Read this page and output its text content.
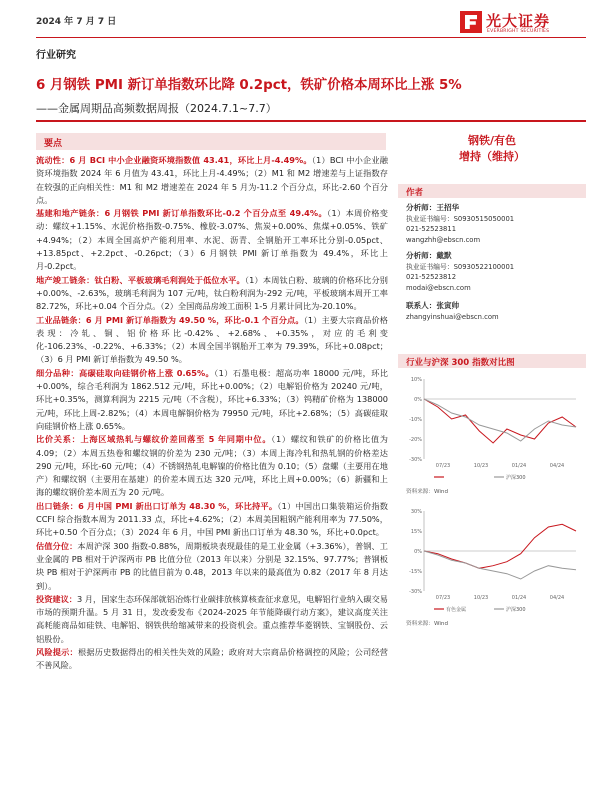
2024 年 7 月 7 日	光大证券
EVERBRIGHT SECURITIES
行业研究
6 月钢铁 PMI 新订单指数环比降 0.2pct，铁矿价格本周环比上涨 5%
——金属周期品高频数据周报（2024.7.1~7.7）
要点

流动性：6 月 BCI 中小企业融资环境指数值 43.41，环比上月-4.49%。（1）BCI 中小企业融资环境指数 2024 年 6 月值为 43.41，环比上月-4.49%；（2）M1 和 M2 增速差与上证指数存在较强的正向相关性：M1 和 M2 增速差在 2024 年 5 月为-11.2 个百分点，环比-2.60 个百分点。

基建和地产链条：6 月钢铁 PMI 新订单指数环比-0.2 个百分点至 49.4%。（1）本周价格变动：螺纹+1.15%、水泥价格指数-0.75%、橡胶-3.07%、焦炭+0.00%、焦煤+0.05%、铁矿+4.94%；（2）本周全国高炉产能利用率、水泥、沥青、全钢胎开工率环比分别-0.05pct、+13.85pct、+2.2pct、-0.26pct；（3）6 月钢铁 PMI 新订单指数为 49.4%，环比上月-0.2pct。

地产竣工链条：钛白粉、平板玻璃毛利润处于低位水平。（1）本周钛白粉、玻璃的价格环比分别+0.00%、-2.63%，玻璃毛利润为 107 元/吨，钛白粉利润为-292 元/吨，平板玻璃本周开工率 82.72%，环比+0.04 个百分点。（2）全国商品房竣工面积 1-5 月累计同比为-20.10%。

工业品链条：6 月 PMI 新订单指数为 49.50 %，环比-0.1 个百分点。（1）主要大宗商品价格表现：冷轧、铜、铝价格环比-0.42%、+2.68%、+0.35%，对应的毛利变化-106.23%、-0.22%、+6.33%；（2）本周全国半钢胎开工率为 79.39%，环比+0.08pct；（3）6 月 PMI 新订单指数为 49.50 %。

细分品种：高碳硅取向硅钢价格上涨 0.65%。（1）石墨电极：超高功率 18000 元/吨，环比+0.00%，综合毛利润为 1862.512 元/吨，环比+0.00%；（2）电解铝价格为 20240 元/吨，环比+0.35%，测算利润为 2215 元/吨（不含税），环比+6.33%；（3）钨精矿价格为 138000 元/吨，环比上周-2.82%；（4）本周电解铜价格为 79950 元/吨，环比+2.68%；（5）高碳硅取向硅钢价格上涨 0.65%。

比价关系：上海区域热轧与螺纹价差回落至 5 年同期中位。（1）螺纹和铁矿的价格比值为 4.09；（2）本周五热卷和螺纹钢的价差为 230 元/吨；（3）本周上海冷轧和热轧钢的价格差达 290 元/吨，环比-60 元/吨；（4）不锈钢热轧电解镍的价格比值为 0.10；（5）盘螺（主要用在地产）和螺纹钢（主要用在基建）的价差本周五达 320 元/吨，环比上周+0.00%；（6）新疆和上海的螺纹钢价差本周五为 20 元/吨。

出口链条：6 月中国 PMI 新出口订单为 48.30 %，环比持平。（1）中国出口集装箱运价指数 CCFI 综合指数本周为 2011.33 点，环比+4.62%；（2）本周美国粗钢产能利用率为 77.50%，环比+0.50 个百分点；（3）2024 年 6 月，中国 PMI 新出口订单为 48.30 %，环比+0.0pct。

估值分位：本周沪深 300 指数-0.88%，周期板块表现最佳的是工业金属（+3.36%），普钢、工业金属的 PB 相对于沪深两市 PB 比值分位（2013 年以来）分别是 32.15%、97.77%；普钢板块 PB 相对于沪深两市 PB 的比值目前为 0.48，2013 年以来的最高值为 0.82（2017 年 8 月达到）。

投资建议：3 月，国家生态环保部就铝冶炼行业碳排放核算核查征求意见，电解铝行业纳入碳交易市场的预期升温。5 月 31 日，发改委发布《2024-2025 年节能降碳行动方案》，建议高度关注高耗能商品如硅铁、电解铝、钢铁供给缩减带来的投资机会。重点推荐华菱钢铁、宝钢股份、云铝股份。

风险提示：根据历史数据得出的相关性失效的风险；政府对大宗商品价格调控的风险；公司经营不善风险。

钢铁/有色
增持（维持）
作者
分析师：王招华
执业证书编号：S0930515050001
021-52523811
wangzhh@ebscn.com
分析师：戴默
执业证书编号：S0930522100001
021-52523812
modai@ebscn.com
联系人：张寅帅
zhangyinshuai@ebscn.com
行业与沪深 300 指数对比图
-30%
-20%
-10%
0%
10%
07/23	10/23	01/24	04/24
沪深300
资料来源：Wind
-30%
-15%
0%
15%
30%
07/23	10/23	01/24	04/24
有色金属	沪深300
资料来源：Wind
